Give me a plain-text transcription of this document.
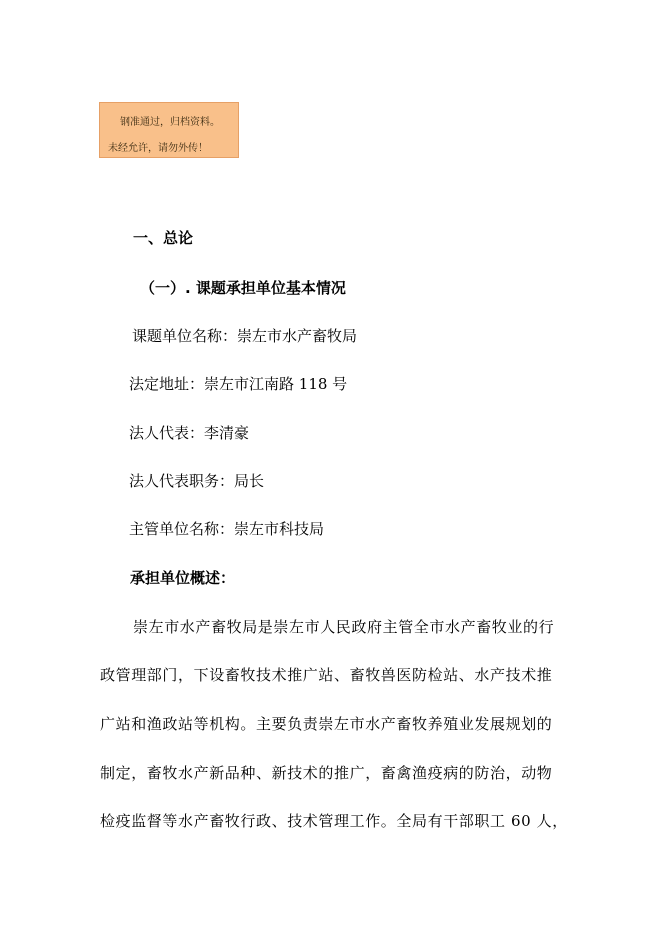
钢准通过，归档资料。
未经允许，请勿外传！
一、总论
（一）. 课题承担单位基本情况
课题单位名称：崇左市水产畜牧局
法定地址：崇左市江南路 118 号
法人代表：李清豪
法人代表职务：局长
主管单位名称：崇左市科技局
承担单位概述：
崇左市水产畜牧局是崇左市人民政府主管全市水产畜牧业的行
政管理部门，下设畜牧技术推广站、畜牧兽医防检站、水产技术推
广站和渔政站等机构。主要负责崇左市水产畜牧养殖业发展规划的
制定，畜牧水产新品种、新技术的推广，畜禽渔疫病的防治，动物
检疫监督等水产畜牧行政、技术管理工作。全局有干部职工 60 人，
